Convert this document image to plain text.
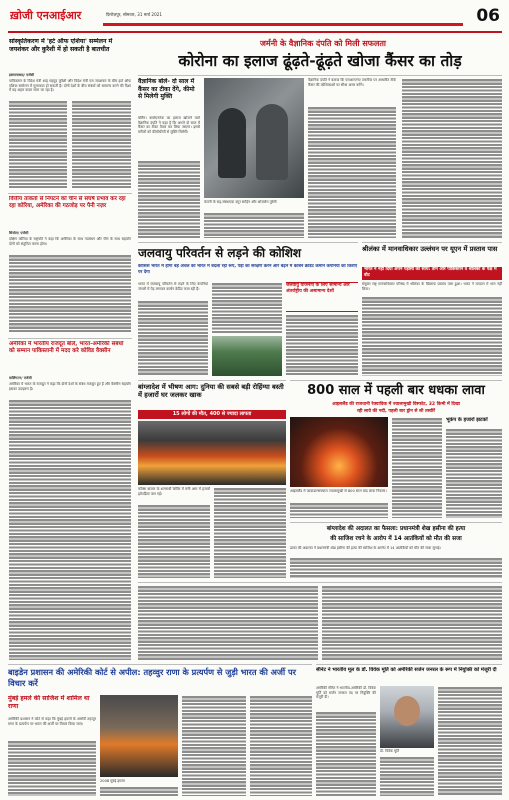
ख़ोजी एनआईआर	फ़िरोज़पुर, सोमवार, 31 मार्च 2021	06
सांस्कृतिकरण में 'हर्ट ऑफ एशिया' सम्मेलन में जयशंकर और कुरैशी में हो सकती है बातचीत
इस्लामाबाद/ एजेंसी
पाकिस्तान के विदेश मंत्री शाह महमूद कुरैशी और विदेश मंत्री एस जयशंकर के बीच हार्ट ऑफ एशिया सम्मेलन में मुलाकात हो सकती है। दोनों देशों के बीच संबंधों को सामान्य करने की दिशा में यह अहम कदम माना जा रहा है।
जर्मनी के वैज्ञानिक दंपति को मिली सफलता
कोरोना का इलाज ढूंढ़ते-ढूंढ़ते खोजा कैंसर का तोड़
वैज्ञानिक बोले- दो साल में कैंसर का टीका देंगे, कीमो से मिलेगी मुक्ति
बर्लिन। बायोएनटेक का इलाज खोजने वाले वैज्ञानिक दंपति ने कहा है कि अगले दो साल में कैंसर का टीका तैयार कर लिया जाएगा। इससे मरीजों को कीमोथेरेपी से मुक्ति मिलेगी।
कंपनी के सह-संस्थापक उगुर साहिन और ओज़लेम तुरेसी
वैज्ञानिक दंपति ने बताया कि एमआरएनए तकनीक पर आधारित टीके कैंसर की कोशिकाओं पर सीधा असर करेंगे।
वित्तीय ताकतों से निपटने को चीन से संघर्ष प्रभाव कर रहा रहा कोरिया, अमेरिका की गठजोड़ पर पैनी नज़र
सियोल/ एजेंसी
दक्षिण कोरिया के राष्ट्रपति ने कहा कि अमेरिका के साथ गठबंधन और चीन के साथ सहयोग दोनों को संतुलित करना होगा।
अमेरिका में भारतीय राजदूत बोले, भारत-अमेरिकी संबंधों को सम्मान पाकिस्तानी में मदद करे कोविड वैक्सीन
वाशिंगटन/ एजेंसी
अमेरिका में भारत के राजदूत ने कहा कि दोनों देशों के संबंध मजबूत हुए हैं और वैक्सीन सहयोग इसका उदाहरण है।
जलवायु परिवर्तन से लड़ने की कोशिश
कोशिश भारत में होगा बड़े अंचल को भारत में बदला रहा रूप, पेड़ों का संरक्षण करने और बढ़ने में कार्बन क्रेडिट कमाने कंपनियों को किराए पर देगा
भारत में जलवायु परिवर्तन से लड़ने के लिए कंपनियां जंगलों में पेड़ लगाकर कार्बन क्रेडिट कमा रही हैं।
जलवायु योजनाएं के लिए सामान्य और अंतर्राष्ट्रीय की असामान्य देशों
श्रीलंका में मानवाधिकार उल्लंघन पर यूएन में प्रस्ताव पास
भारत ने नहीं दिया अपने पड़ोसी का साथ: तीन और पाकिस्तान व श्रीलंका के पक्ष में वोट
संयुक्त राष्ट्र मानवाधिकार परिषद में श्रीलंका के खिलाफ प्रस्ताव पास हुआ। भारत ने मतदान में भाग नहीं लिया।
बांग्लादेश में भीषण आग: दुनिया की सबसे बड़ी रोहिंग्या बस्ती में हजारों घर जलकर खाक
15 लोगों की मौत, 400 से ज्यादा लापता
कॉक्स बाजार के शरणार्थी शिविर में लगी आग में हजारों झोपड़ियां जल गईं।
800 साल में पहली बार धधका लावा
आइसलैंड की राजधानी रेक्याविक में ज्वालामुखी विस्फोट, 32 किमी में दिखा
रही लावे की नदी, पहली बार ड्रोन से ली तस्वीरें
आइसलैंड में फाग्राडाल्सफ्याल ज्वालामुखी से 800 साल बाद लावा निकला।
भूकंप के हजारों झटकों
बांग्लादेश की अदालत का फैसला: प्रधानमंत्री शेख हसीना की हत्या
की साजिश रचने के आरोप में 14 आतंकियों को मौत की सजा
ढाका की अदालत ने प्रधानमंत्री शेख हसीना की हत्या की साजिश के आरोप में 14 आतंकियों को मौत की सजा सुनाई।
सीनेट ने भारतीय मूल के डॉ. विवेक मूर्ति को अमेरिकी सर्जन जनरल के रूप में नियुक्ति को मंजूरी दी
अमेरिकी सीनेट ने भारतीय-अमेरिकी डॉ. विवेक मूर्ति को सर्जन जनरल पद पर नियुक्ति की मंजूरी दी।
डॉ. विवेक मूर्ति
बाइडेन प्रशासन की अमेरिकी कोर्ट से अपील: तहव्वुर राणा के प्रत्यर्पण से जुड़ी भारत की अर्जी पर विचार करें
मुंबई हमले की साजिश में शामिल था राणा
अमेरिकी प्रशासन ने कोर्ट से कहा कि मुंबई हमलों के आरोपी तहव्वुर राणा के प्रत्यर्पण पर भारत की अर्जी पर विचार किया जाए।
2008 मुंबई हमला
